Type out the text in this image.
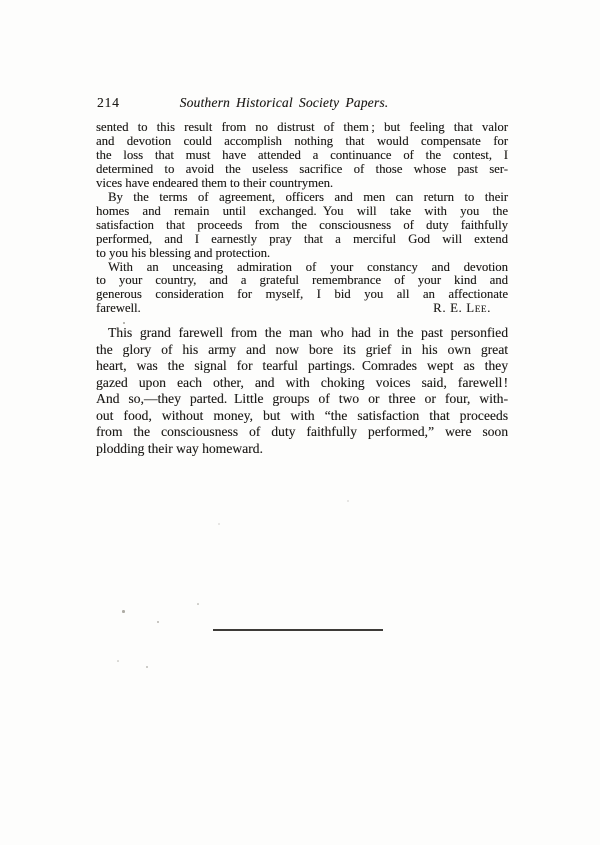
214	Southern Historical Society Papers.
sented to this result from no distrust of them ; but feeling that valor
and devotion could accomplish nothing that would compensate for
the loss that must have attended a continuance of the contest, I
determined to avoid the useless sacrifice of those whose past ser-
vices have endeared them to their countrymen.
By the terms of agreement, officers and men can return to their
homes and remain until exchanged. You will take with you the
satisfaction that proceeds from the consciousness of duty faithfully
performed, and I earnestly pray that a merciful God will extend
to you his blessing and protection.
With an unceasing admiration of your constancy and devotion
to your country, and a grateful remembrance of your kind and
generous consideration for myself, I bid you all an affectionate
farewell.	R. E. Lee.
This grand farewell from the man who had in the past personfied
the glory of his army and now bore its grief in his own great
heart, was the signal for tearful partings. Comrades wept as they
gazed upon each other, and with choking voices said, farewell !
And so,—they parted. Little groups of two or three or four, with-
out food, without money, but with “the satisfaction that proceeds
from the consciousness of duty faithfully performed,” were soon
plodding their way homeward.
